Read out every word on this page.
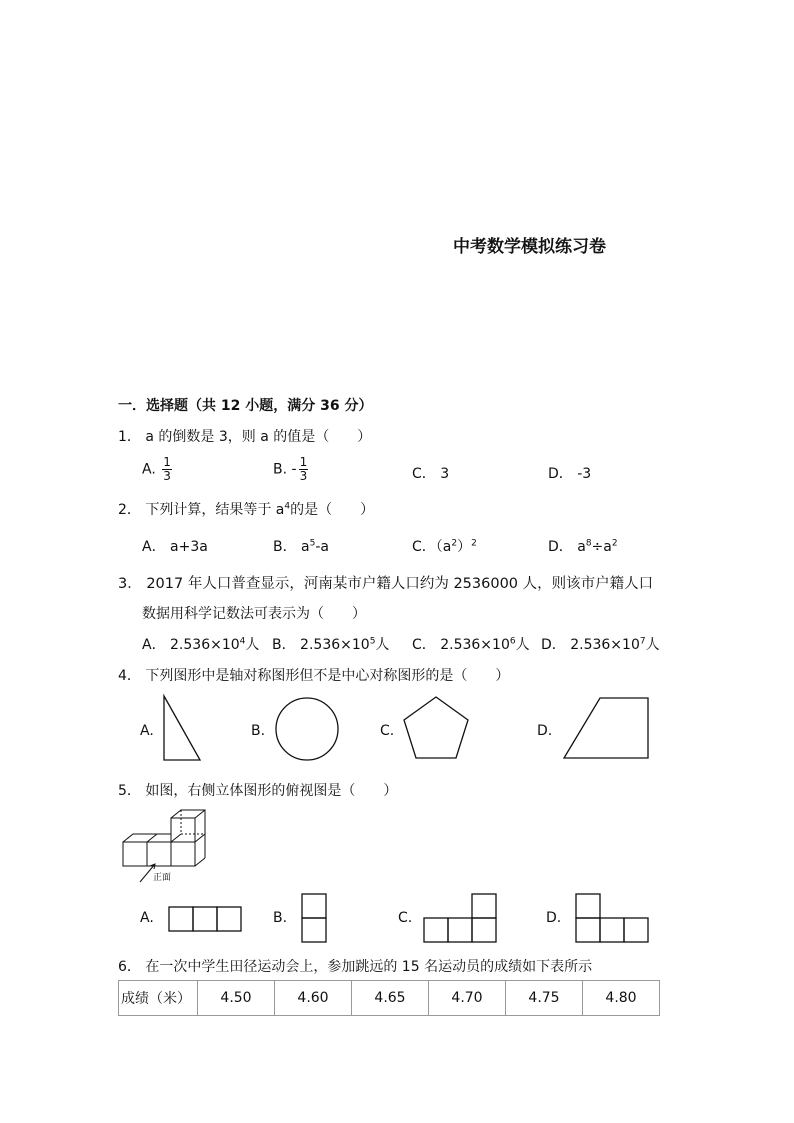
中考数学模拟练习卷
一．选择题（共 12 小题，满分 36 分）
1． a 的倒数是 3，则 a 的值是（　　）
A. $\frac{1}{3}$	B. - $\frac{1}{3}$	C． 3	D． -3
2． 下列计算，结果等于 $a^4$的是（　　）
A． a+3a	B． $a^5-a$	C．$(a^2)^2$	D． $a^8\div a^2$
3． 2017 年人口普查显示，河南某市户籍人口约为 2536000 人，则该市户籍人口
数据用科学记数法可表示为（　　）
A． $2.536\times 10^4$人 B． $2.536\times 10^5$人 C． $2.536\times 10^6$人 D． $2.536\times 10^7$人
4． 下列图形中是轴对称图形但不是中心对称图形的是（　　）
A.	B.	C.	D.
5． 如图，右侧立体图形的俯视图是（　　）
正面
A.	B.	C.	D.
6． 在一次中学生田径运动会上，参加跳远的 15 名运动员的成绩如下表所示
成绩（米）	4.50	4.60	4.65	4.70	4.75	4.80
